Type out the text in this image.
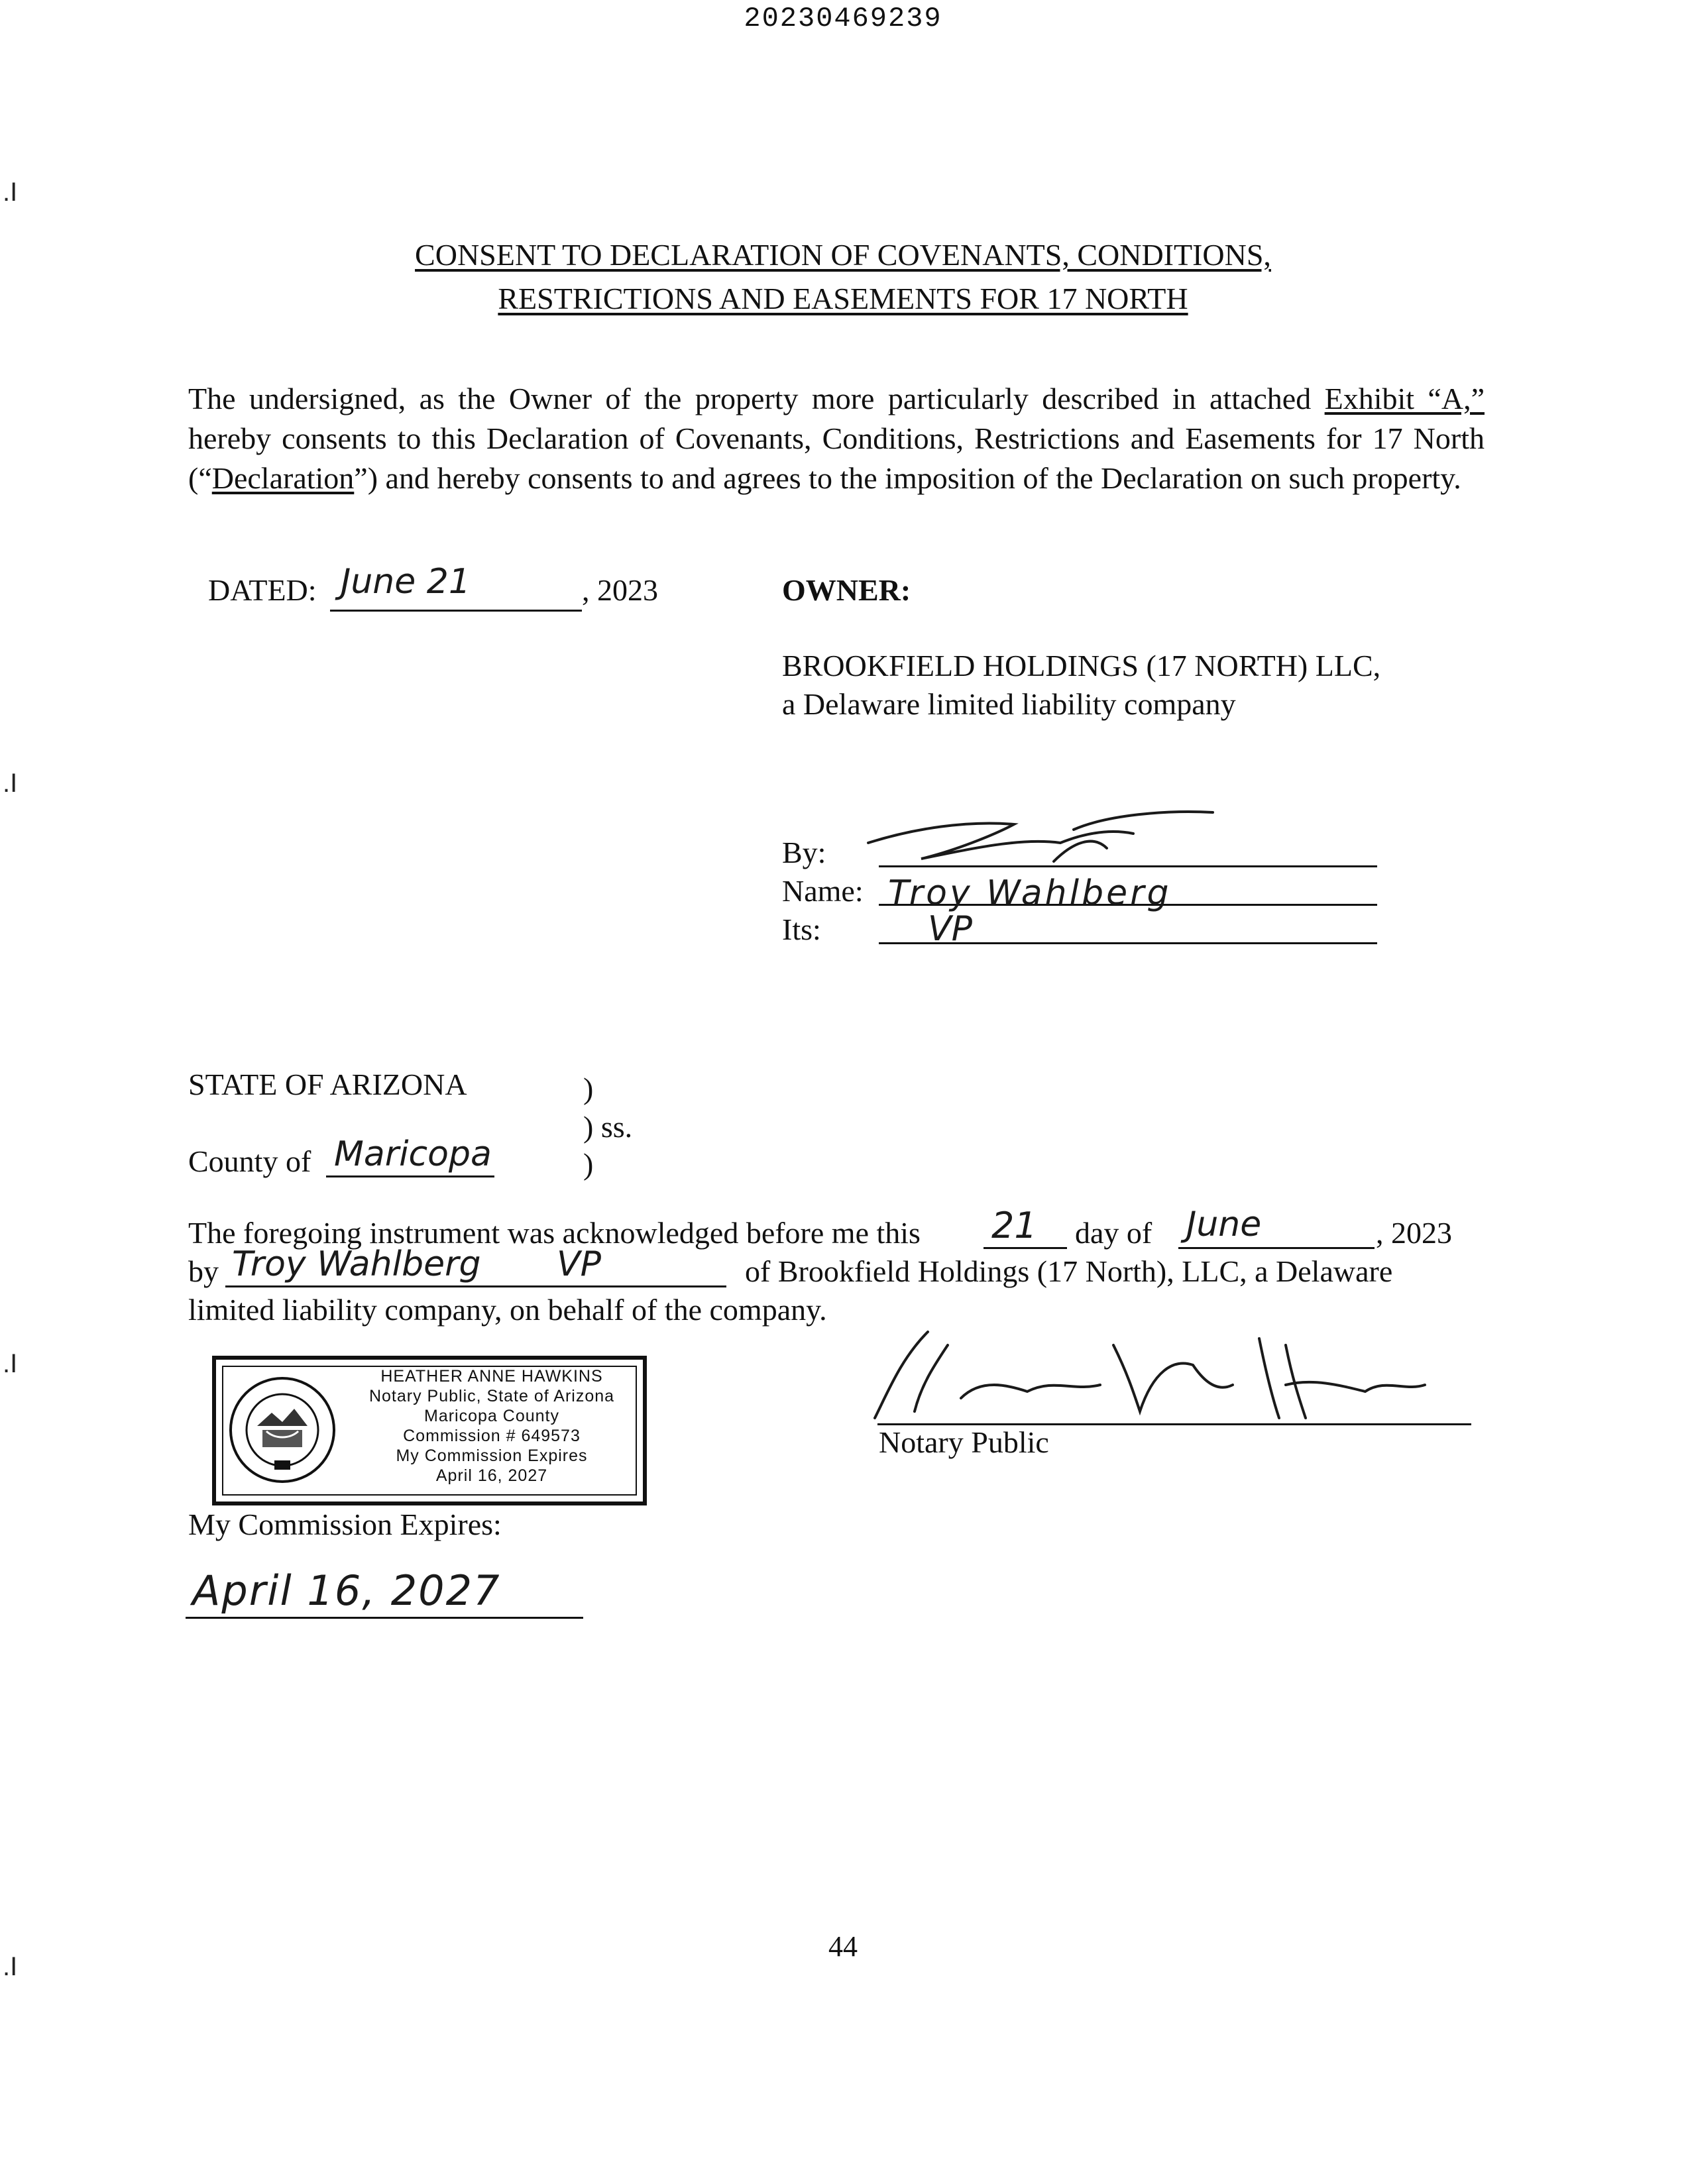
20230469239
.I
.I
.I
.I
CONSENT TO DECLARATION OF COVENANTS, CONDITIONS,
RESTRICTIONS AND EASEMENTS FOR 17 NORTH
The undersigned, as the Owner of the property more particularly described in attached Exhibit “A,” hereby consents to this Declaration of Covenants, Conditions, Restrictions and Easements for 17 North (“Declaration”) and hereby consents to and agrees to the imposition of the Declaration on such property.
DATED: June 21	, 2023	OWNER:
BROOKFIELD HOLDINGS (17 NORTH) LLC,
a Delaware limited liability company
By:
Name:
Its:
Troy Wahlberg
VP
STATE OF ARIZONA	)
) ss.
)
County of Maricopa
The foregoing instrument was acknowledged before me this 21 day of June	, 2023
by Troy Wahlberg VP	of Brookfield Holdings (17 North), LLC, a Delaware
limited liability company, on behalf of the company.
HEATHER ANNE HAWKINS
Notary Public, State of Arizona
Maricopa County
Commission # 649573
My Commission Expires
April 16, 2027
Notary Public
My Commission Expires:
April 16, 2027
44
